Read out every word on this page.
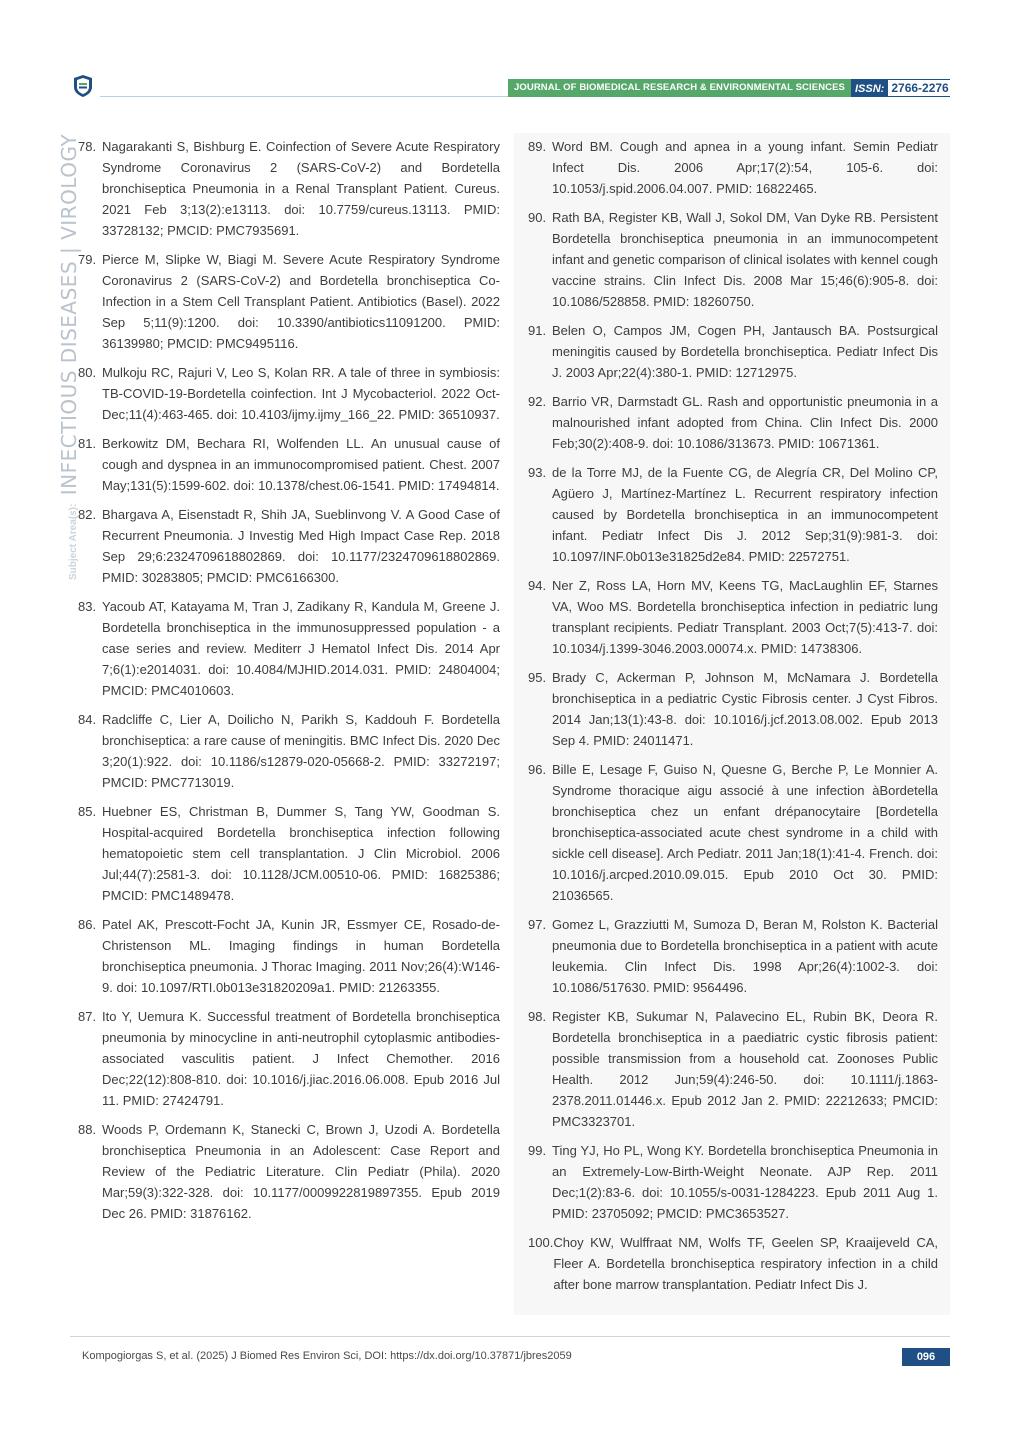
JOURNAL OF BIOMEDICAL RESEARCH & ENVIRONMENTAL SCIENCES ISSN: 2766-2276
Subject Area(s): INFECTIOUS DISEASES | VIROLOGY
78. Nagarakanti S, Bishburg E. Coinfection of Severe Acute Respiratory Syndrome Coronavirus 2 (SARS-CoV-2) and Bordetella bronchiseptica Pneumonia in a Renal Transplant Patient. Cureus. 2021 Feb 3;13(2):e13113. doi: 10.7759/cureus.13113. PMID: 33728132; PMCID: PMC7935691.
79. Pierce M, Slipke W, Biagi M. Severe Acute Respiratory Syndrome Coronavirus 2 (SARS-CoV-2) and Bordetella bronchiseptica Co-Infection in a Stem Cell Transplant Patient. Antibiotics (Basel). 2022 Sep 5;11(9):1200. doi: 10.3390/antibiotics11091200. PMID: 36139980; PMCID: PMC9495116.
80. Mulkoju RC, Rajuri V, Leo S, Kolan RR. A tale of three in symbiosis: TB-COVID-19-Bordetella coinfection. Int J Mycobacteriol. 2022 Oct-Dec;11(4):463-465. doi: 10.4103/ijmy.ijmy_166_22. PMID: 36510937.
81. Berkowitz DM, Bechara RI, Wolfenden LL. An unusual cause of cough and dyspnea in an immunocompromised patient. Chest. 2007 May;131(5):1599-602. doi: 10.1378/chest.06-1541. PMID: 17494814.
82. Bhargava A, Eisenstadt R, Shih JA, Sueblinvong V. A Good Case of Recurrent Pneumonia. J Investig Med High Impact Case Rep. 2018 Sep 29;6:2324709618802869. doi: 10.1177/2324709618802869. PMID: 30283805; PMCID: PMC6166300.
83. Yacoub AT, Katayama M, Tran J, Zadikany R, Kandula M, Greene J. Bordetella bronchiseptica in the immunosuppressed population - a case series and review. Mediterr J Hematol Infect Dis. 2014 Apr 7;6(1):e2014031. doi: 10.4084/MJHID.2014.031. PMID: 24804004; PMCID: PMC4010603.
84. Radcliffe C, Lier A, Doilicho N, Parikh S, Kaddouh F. Bordetella bronchiseptica: a rare cause of meningitis. BMC Infect Dis. 2020 Dec 3;20(1):922. doi: 10.1186/s12879-020-05668-2. PMID: 33272197; PMCID: PMC7713019.
85. Huebner ES, Christman B, Dummer S, Tang YW, Goodman S. Hospital-acquired Bordetella bronchiseptica infection following hematopoietic stem cell transplantation. J Clin Microbiol. 2006 Jul;44(7):2581-3. doi: 10.1128/JCM.00510-06. PMID: 16825386; PMCID: PMC1489478.
86. Patel AK, Prescott-Focht JA, Kunin JR, Essmyer CE, Rosado-de-Christenson ML. Imaging findings in human Bordetella bronchiseptica pneumonia. J Thorac Imaging. 2011 Nov;26(4):W146-9. doi: 10.1097/RTI.0b013e31820209a1. PMID: 21263355.
87. Ito Y, Uemura K. Successful treatment of Bordetella bronchiseptica pneumonia by minocycline in anti-neutrophil cytoplasmic antibodies-associated vasculitis patient. J Infect Chemother. 2016 Dec;22(12):808-810. doi: 10.1016/j.jiac.2016.06.008. Epub 2016 Jul 11. PMID: 27424791.
88. Woods P, Ordemann K, Stanecki C, Brown J, Uzodi A. Bordetella bronchiseptica Pneumonia in an Adolescent: Case Report and Review of the Pediatric Literature. Clin Pediatr (Phila). 2020 Mar;59(3):322-328. doi: 10.1177/0009922819897355. Epub 2019 Dec 26. PMID: 31876162.
89. Word BM. Cough and apnea in a young infant. Semin Pediatr Infect Dis. 2006 Apr;17(2):54, 105-6. doi: 10.1053/j.spid.2006.04.007. PMID: 16822465.
90. Rath BA, Register KB, Wall J, Sokol DM, Van Dyke RB. Persistent Bordetella bronchiseptica pneumonia in an immunocompetent infant and genetic comparison of clinical isolates with kennel cough vaccine strains. Clin Infect Dis. 2008 Mar 15;46(6):905-8. doi: 10.1086/528858. PMID: 18260750.
91. Belen O, Campos JM, Cogen PH, Jantausch BA. Postsurgical meningitis caused by Bordetella bronchiseptica. Pediatr Infect Dis J. 2003 Apr;22(4):380-1. PMID: 12712975.
92. Barrio VR, Darmstadt GL. Rash and opportunistic pneumonia in a malnourished infant adopted from China. Clin Infect Dis. 2000 Feb;30(2):408-9. doi: 10.1086/313673. PMID: 10671361.
93. de la Torre MJ, de la Fuente CG, de Alegría CR, Del Molino CP, Agüero J, Martínez-Martínez L. Recurrent respiratory infection caused by Bordetella bronchiseptica in an immunocompetent infant. Pediatr Infect Dis J. 2012 Sep;31(9):981-3. doi: 10.1097/INF.0b013e31825d2e84. PMID: 22572751.
94. Ner Z, Ross LA, Horn MV, Keens TG, MacLaughlin EF, Starnes VA, Woo MS. Bordetella bronchiseptica infection in pediatric lung transplant recipients. Pediatr Transplant. 2003 Oct;7(5):413-7. doi: 10.1034/j.1399-3046.2003.00074.x. PMID: 14738306.
95. Brady C, Ackerman P, Johnson M, McNamara J. Bordetella bronchiseptica in a pediatric Cystic Fibrosis center. J Cyst Fibros. 2014 Jan;13(1):43-8. doi: 10.1016/j.jcf.2013.08.002. Epub 2013 Sep 4. PMID: 24011471.
96. Bille E, Lesage F, Guiso N, Quesne G, Berche P, Le Monnier A. Syndrome thoracique aigu associé à une infection àBordetella bronchiseptica chez un enfant drépanocytaire [Bordetella bronchiseptica-associated acute chest syndrome in a child with sickle cell disease]. Arch Pediatr. 2011 Jan;18(1):41-4. French. doi: 10.1016/j.arcped.2010.09.015. Epub 2010 Oct 30. PMID: 21036565.
97. Gomez L, Grazziutti M, Sumoza D, Beran M, Rolston K. Bacterial pneumonia due to Bordetella bronchiseptica in a patient with acute leukemia. Clin Infect Dis. 1998 Apr;26(4):1002-3. doi: 10.1086/517630. PMID: 9564496.
98. Register KB, Sukumar N, Palavecino EL, Rubin BK, Deora R. Bordetella bronchiseptica in a paediatric cystic fibrosis patient: possible transmission from a household cat. Zoonoses Public Health. 2012 Jun;59(4):246-50. doi: 10.1111/j.1863-2378.2011.01446.x. Epub 2012 Jan 2. PMID: 22212633; PMCID: PMC3323701.
99. Ting YJ, Ho PL, Wong KY. Bordetella bronchiseptica Pneumonia in an Extremely-Low-Birth-Weight Neonate. AJP Rep. 2011 Dec;1(2):83-6. doi: 10.1055/s-0031-1284223. Epub 2011 Aug 1. PMID: 23705092; PMCID: PMC3653527.
100. Choy KW, Wulffraat NM, Wolfs TF, Geelen SP, Kraaijeveld CA, Fleer A. Bordetella bronchiseptica respiratory infection in a child after bone marrow transplantation. Pediatr Infect Dis J.
Kompogiorgas S, et al. (2025) J Biomed Res Environ Sci, DOI: https://dx.doi.org/10.37871/jbres2059	096
